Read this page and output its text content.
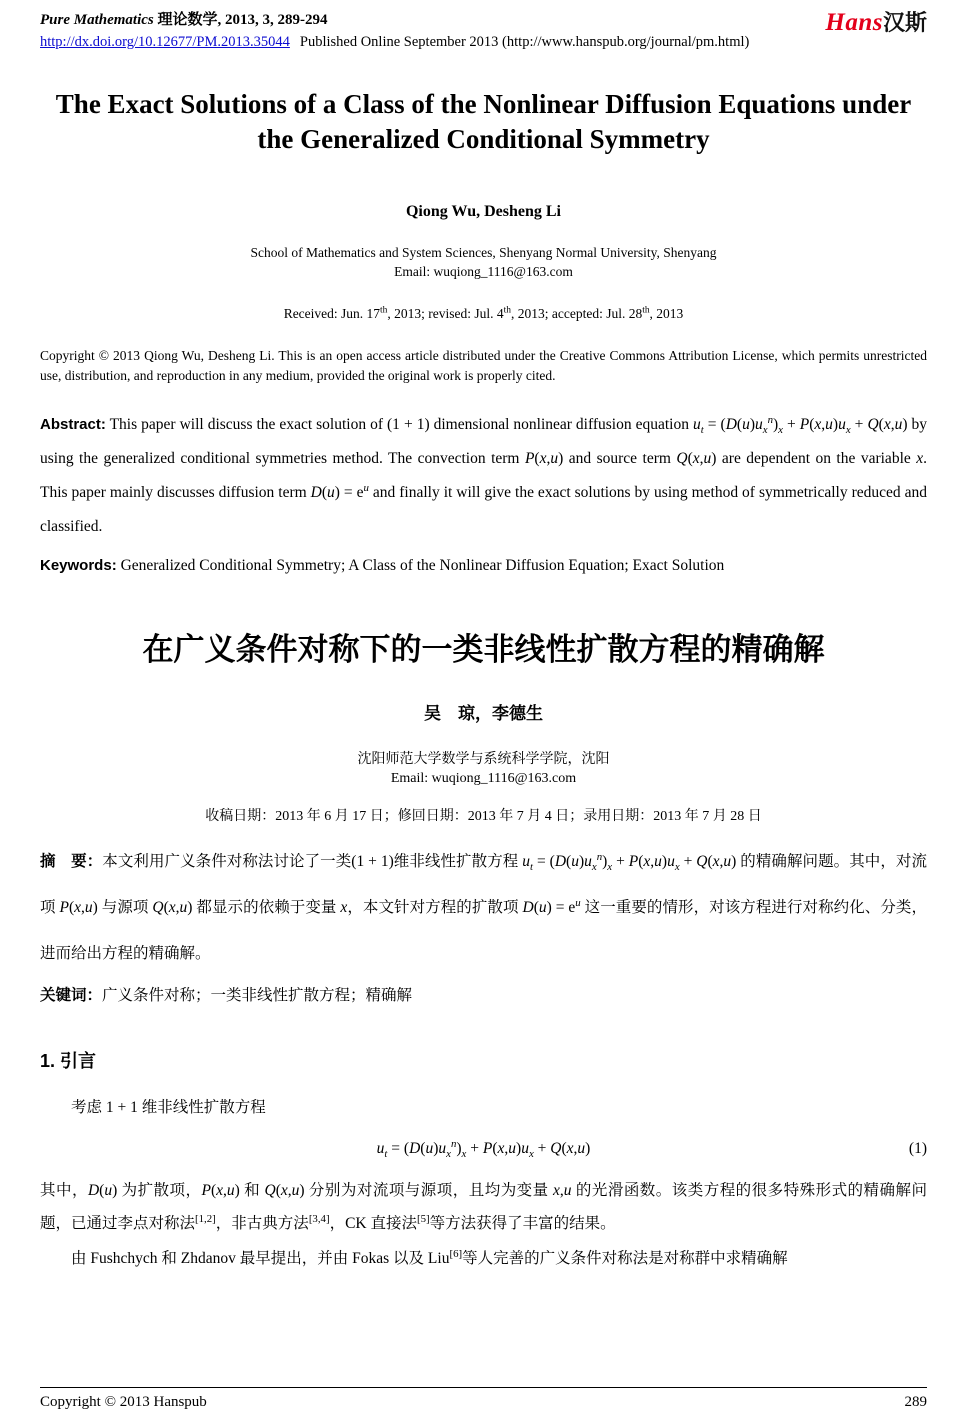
Pure Mathematics 理论数学, 2013, 3, 289-294
http://dx.doi.org/10.12677/PM.2013.35044 Published Online September 2013 (http://www.hanspub.org/journal/pm.html)
Hans汉斯
The Exact Solutions of a Class of the Nonlinear Diffusion Equations under the Generalized Conditional Symmetry
Qiong Wu, Desheng Li
School of Mathematics and System Sciences, Shenyang Normal University, Shenyang
Email: wuqiong_1116@163.com
Received: Jun. 17th, 2013; revised: Jul. 4th, 2013; accepted: Jul. 28th, 2013
Copyright © 2013 Qiong Wu, Desheng Li. This is an open access article distributed under the Creative Commons Attribution License, which permits unrestricted use, distribution, and reproduction in any medium, provided the original work is properly cited.
Abstract: This paper will discuss the exact solution of (1 + 1) dimensional nonlinear diffusion equation $u_t = (D(u)u_x^n)_x + P(x,u)u_x + Q(x,u)$ by using the generalized conditional symmetries method. The convection term P(x,u) and source term Q(x,u) are dependent on the variable x. This paper mainly discusses diffusion term $D(u) = e^u$ and finally it will give the exact solutions by using method of symmetrically reduced and classified.
Keywords: Generalized Conditional Symmetry; A Class of the Nonlinear Diffusion Equation; Exact Solution
在广义条件对称下的一类非线性扩散方程的精确解
吴　琼，李德生
沈阳师范大学数学与系统科学学院，沈阳
Email: wuqiong_1116@163.com
收稿日期：2013 年 6 月 17 日；修回日期：2013 年 7 月 4 日；录用日期：2013 年 7 月 28 日
摘　要：本文利用广义条件对称法讨论了一类(1 + 1)维非线性扩散方程 $u_t = (D(u)u_x^n)_x + P(x,u)u_x + Q(x,u)$ 的精确解问题。其中，对流项 P(x,u) 与源项 Q(x,u) 都显示的依赖于变量 x，本文针对方程的扩散项 $D(u) = e^u$ 这一重要的情形，对该方程进行对称约化、分类，进而给出方程的精确解。
关键词：广义条件对称；一类非线性扩散方程；精确解
1. 引言

考虑 1 + 1 维非线性扩散方程

$u_t = (D(u)u_x^n)_x + P(x,u)u_x + Q(x,u)$	(1)

其中，D(u) 为扩散项，P(x,u) 和 Q(x,u) 分别为对流项与源项，且均为变量 x,u 的光滑函数。该类方程的很多特殊形式的精确解问题，已通过李点对称法[1,2]，非古典方法[3,4]，CK 直接法[5]等方法获得了丰富的结果。

由 Fushchych 和 Zhdanov 最早提出，并由 Fokas 以及 Liu[6]等人完善的广义条件对称法是对称群中求精确解

Copyright © 2013 Hanspub	289
